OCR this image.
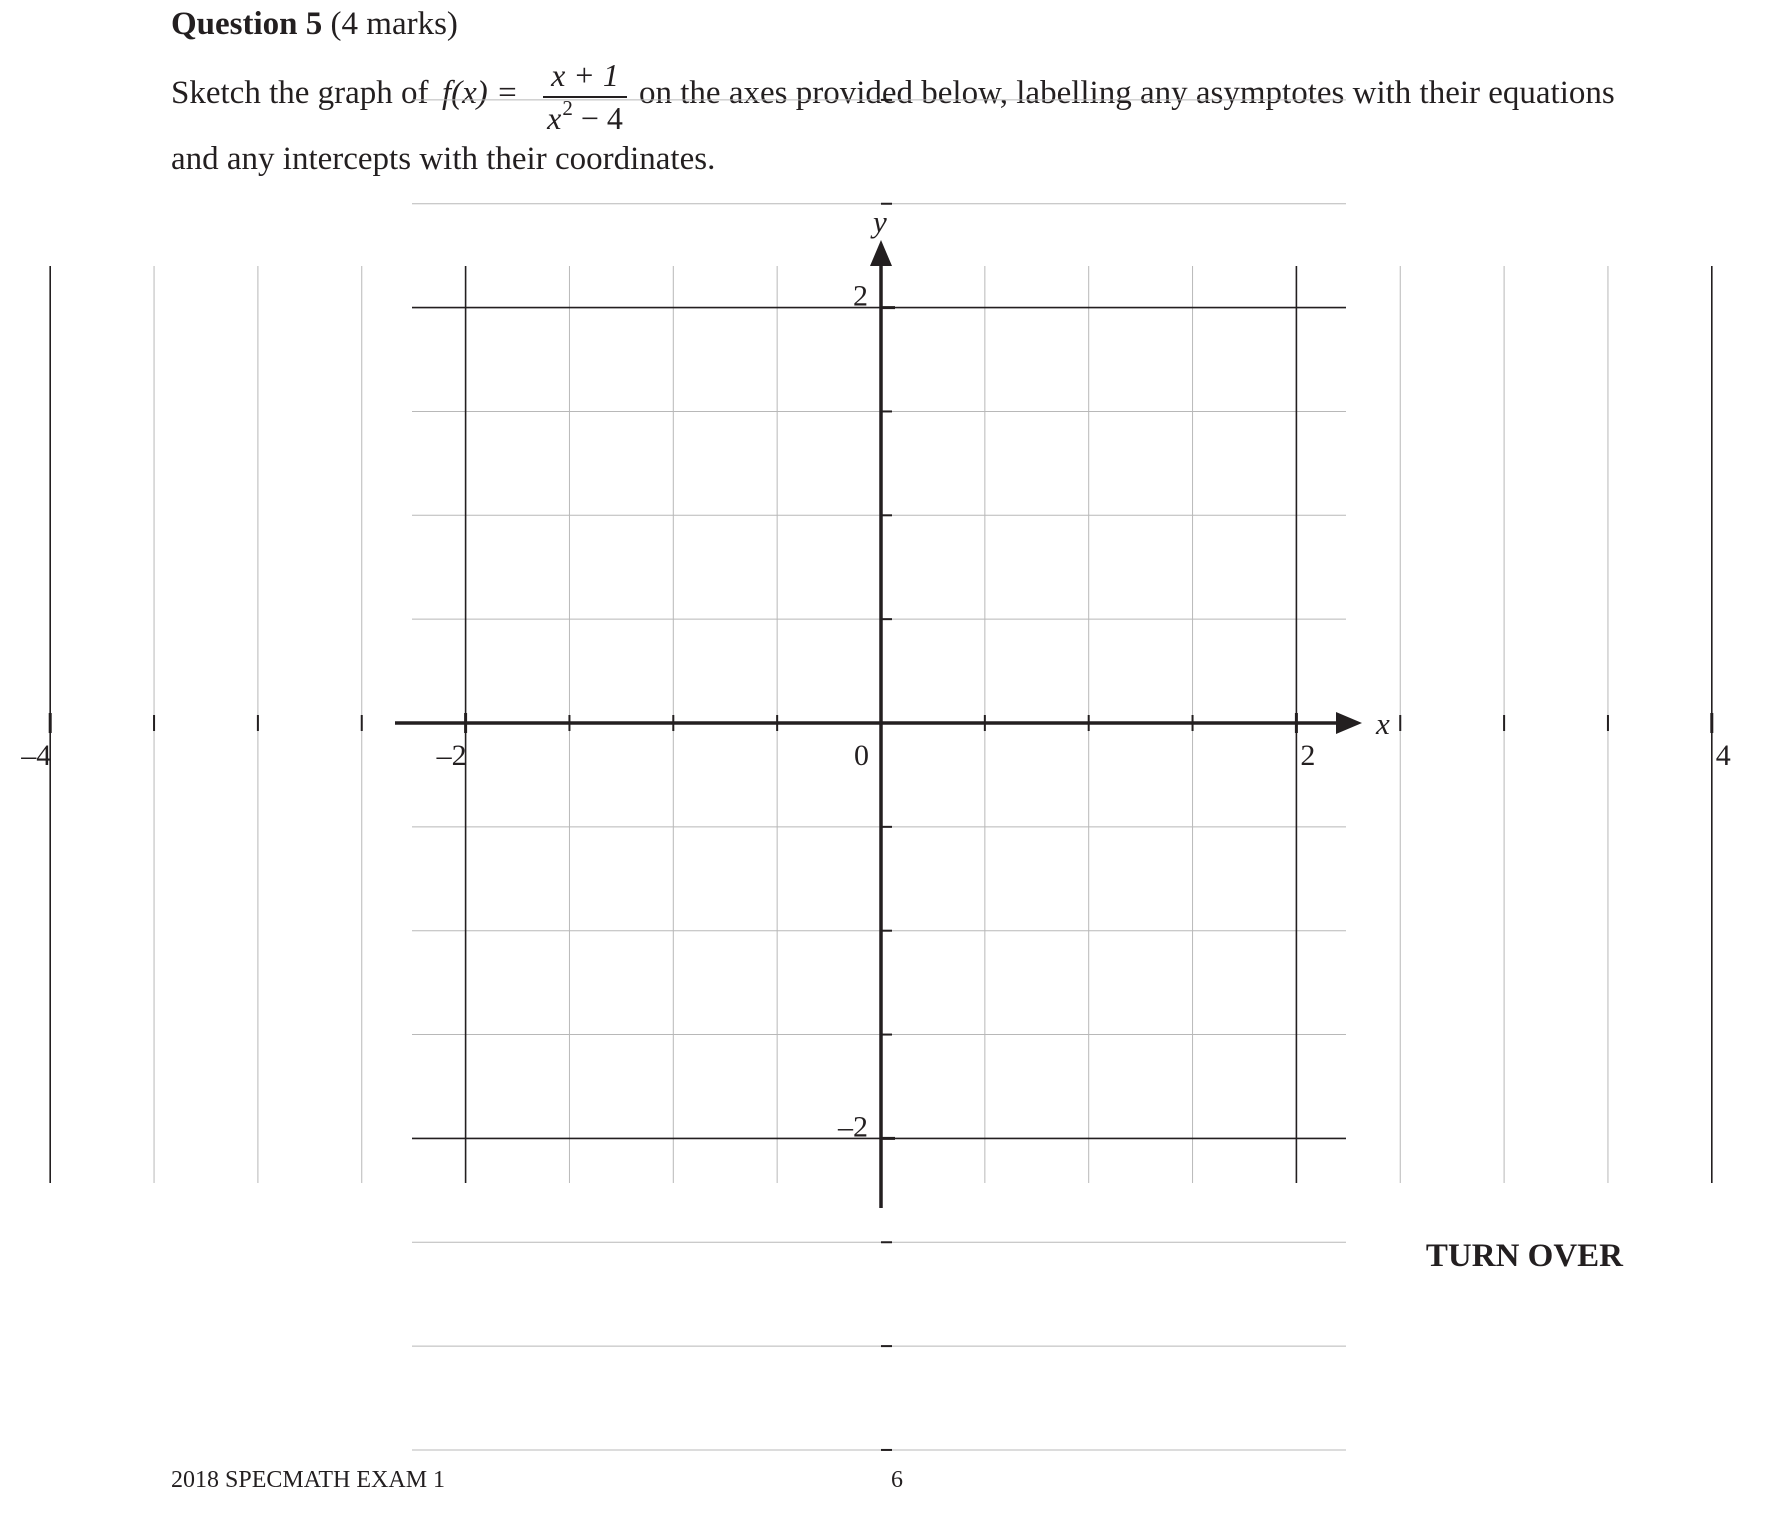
Question 5 (4 marks)
Sketch the graph of f(x) =	x + 1
$x^2 - 4$
on the axes provided below, labelling any asymptotes with their equations
and any intercepts with their coordinates.
–4	–2	0	2	4
2
–2
x
y
TURN OVER
2018 SPECMATH EXAM 1	6
